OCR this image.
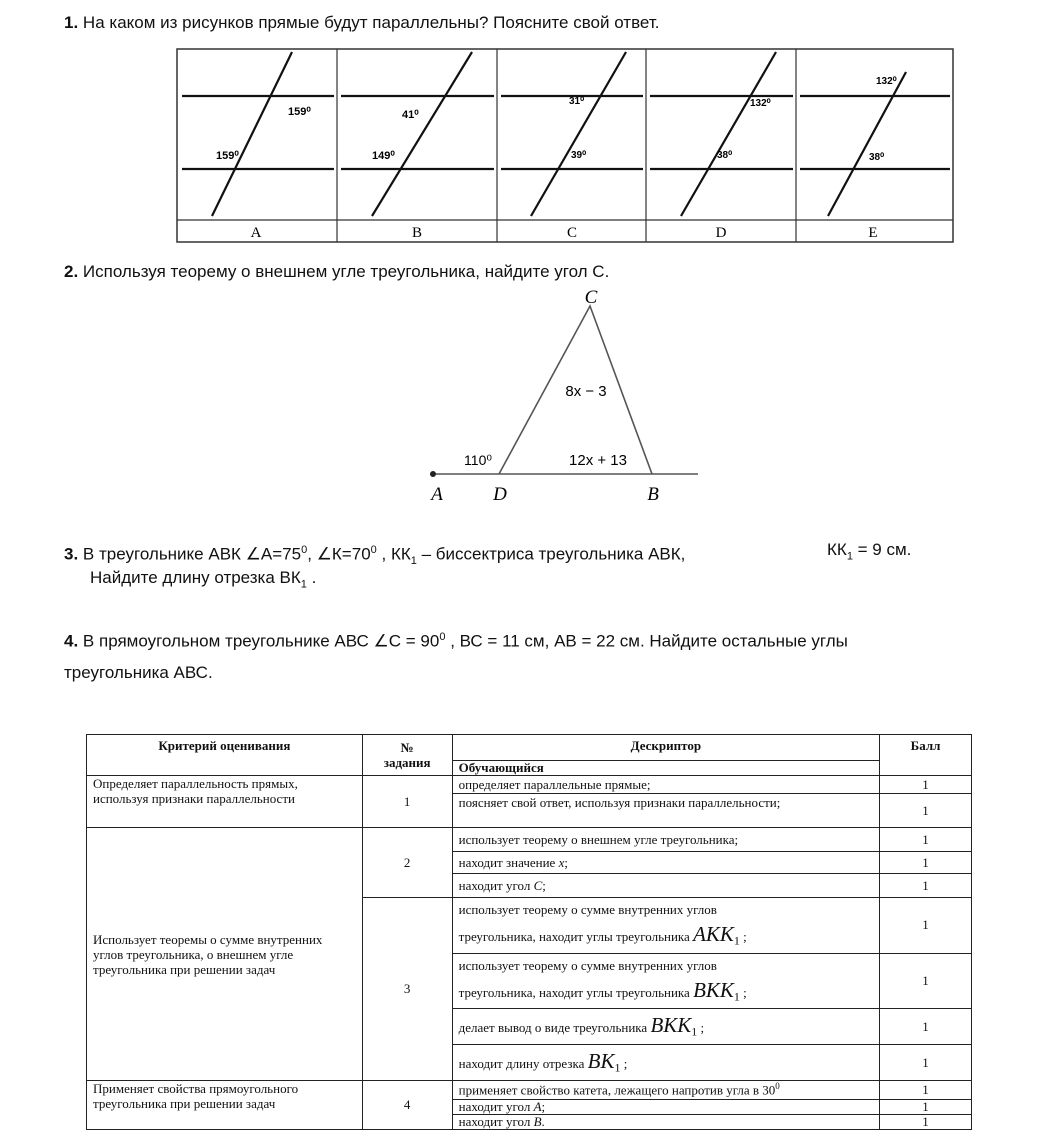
1. На каком из рисунков прямые будут параллельны? Поясните свой ответ.
159⁰
159⁰
A
41⁰
149⁰
B
31⁰
39⁰
C
132⁰
38⁰
D
132⁰
38⁰
E
2. Используя теорему о внешнем угле треугольника, найдите угол С.
C
A	D	B
8x − 3
12x + 13
110⁰
3. В треугольнике АВК $\angle А=75^0$, $\angle К=70^0$ , $КК_1$ – биссектриса треугольника АВК,	$КК_1 = 9$ см.
Найдите длину отрезка $ВК_1$ .
4. В прямоугольном треугольнике АВС ∠С = $90^0$ , ВС = 11 см, АВ = 22 см. Найдите остальные углы
треугольника АВС.
Критерий оценивания	№
задания	Дескриптор	Балл
		Обучающийся	
Определяет параллельность прямых, используя признаки параллельности	1	определяет параллельные прямые;	1
		поясняет свой ответ, используя признаки параллельности;	1
Использует теоремы о сумме внутренних углов треугольника, о внешнем угле треугольника при решении задач	2	использует теорему о внешнем угле треугольника;	1
		находит значение x;	1
		находит угол C;	1
	3	использует теорему о сумме внутренних углов
треугольника, находит углы треугольника $AKK_1$ ;	1

		использует теорему о сумме внутренних углов
треугольника, находит углы треугольника $BKK_1$ ;	1
		делает вывод о виде треугольника $BKK_1$ ;	1
		находит длину отрезка $BK_1$ ;	1
Применяет свойства прямоугольного треугольника при решении задач	4	применяет свойство катета, лежащего напротив угла в $30^0$	1
		находит угол A;	1
		находит угол B.	1
